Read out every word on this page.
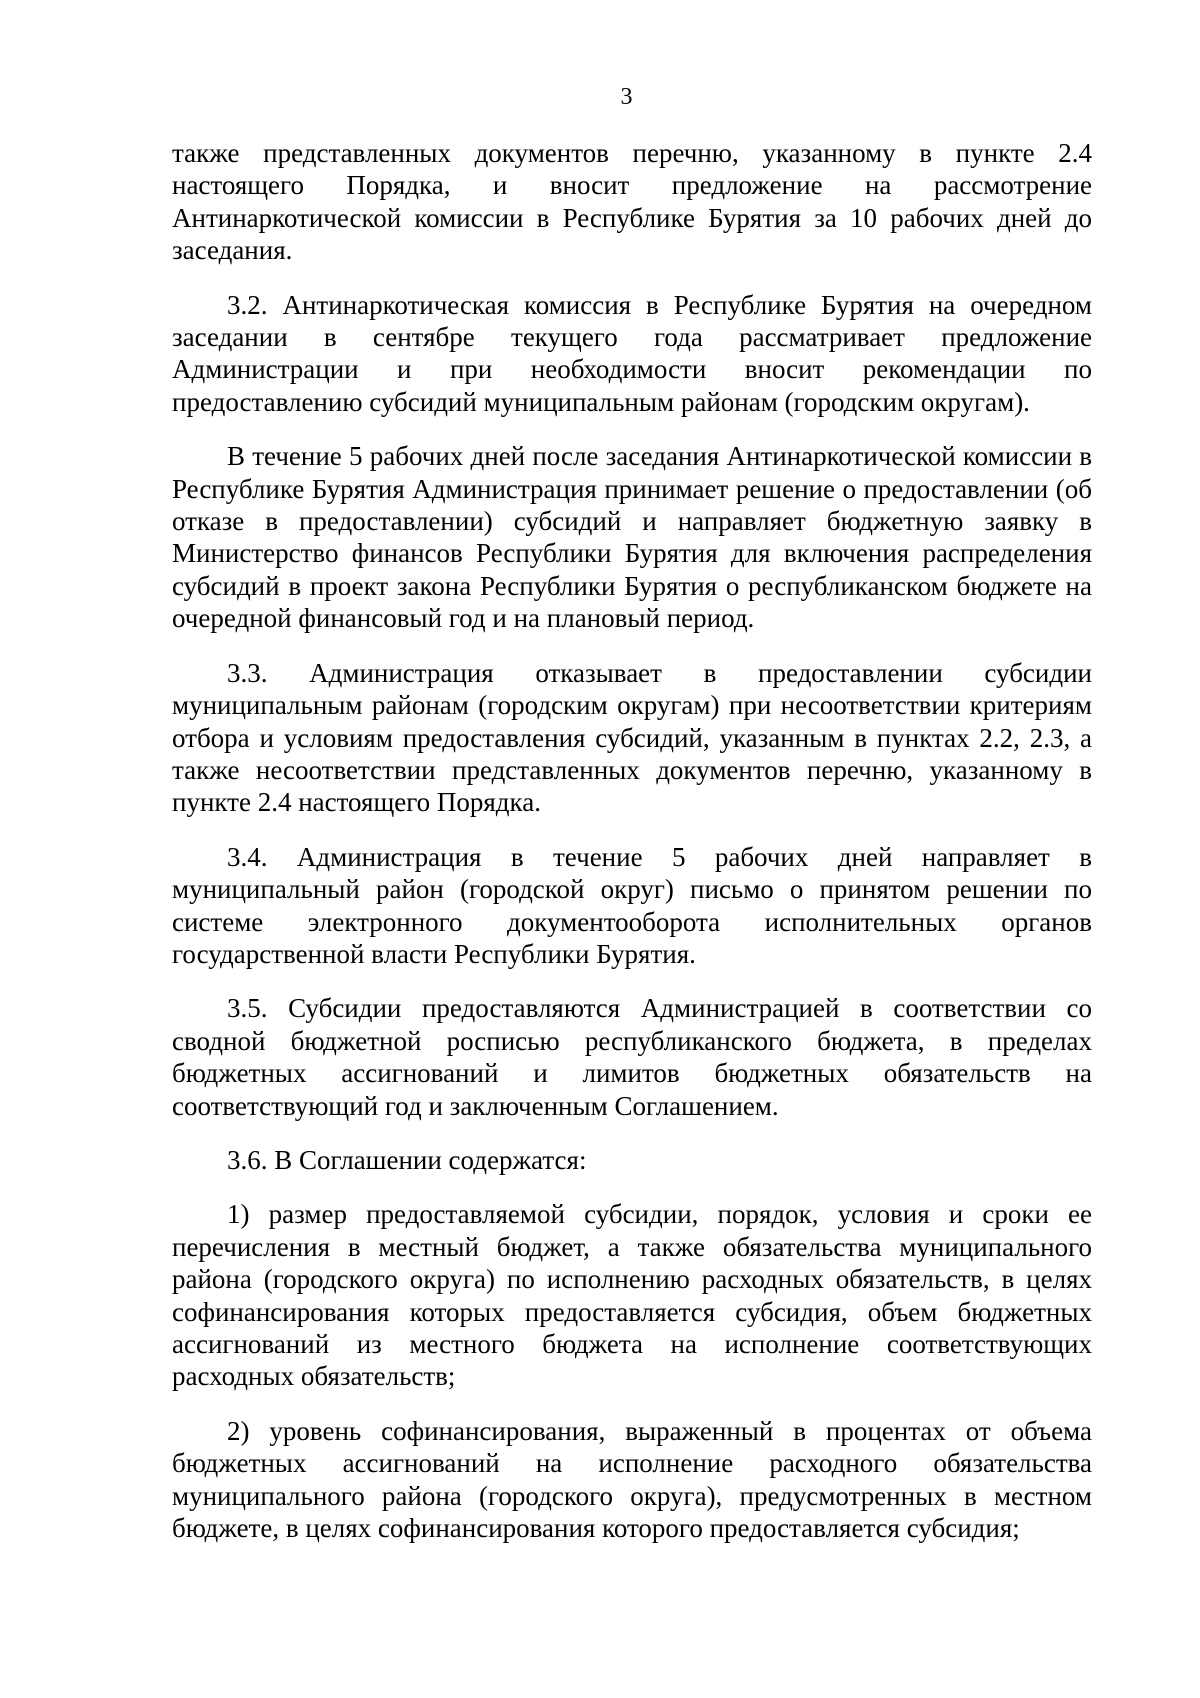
3

также представленных документов перечню, указанному в пункте 2.4 настоящего Порядка, и вносит предложение на рассмотрение Антинаркотической комиссии в Республике Бурятия за 10 рабочих дней до заседания.

3.2. Антинаркотическая комиссия в Республике Бурятия на очередном заседании в сентябре текущего года рассматривает предложение Администрации и при необходимости вносит рекомендации по предоставлению субсидий муниципальным районам (городским округам).

В течение 5 рабочих дней после заседания Антинаркотической комиссии в Республике Бурятия Администрация принимает решение о предоставлении (об отказе в предоставлении) субсидий и направляет бюджетную заявку в Министерство финансов Республики Бурятия для включения распределения субсидий в проект закона Республики Бурятия о республиканском бюджете на очередной финансовый год и на плановый период.

3.3. Администрация отказывает в предоставлении субсидии муниципальным районам (городским округам) при несоответствии критериям отбора и условиям предоставления субсидий, указанным в пунктах 2.2, 2.3, а также несоответствии представленных документов перечню, указанному в пункте 2.4 настоящего Порядка.

3.4. Администрация в течение 5 рабочих дней направляет в муниципальный район (городской округ) письмо о принятом решении по системе электронного документооборота исполнительных органов государственной власти Республики Бурятия.

3.5. Субсидии предоставляются Администрацией в соответствии со сводной бюджетной росписью республиканского бюджета, в пределах бюджетных ассигнований и лимитов бюджетных обязательств на соответствующий год и заключенным Соглашением.

3.6. В Соглашении содержатся:

1) размер предоставляемой субсидии, порядок, условия и сроки ее перечисления в местный бюджет, а также обязательства муниципального района (городского округа) по исполнению расходных обязательств, в целях софинансирования которых предоставляется субсидия, объем бюджетных ассигнований из местного бюджета на исполнение соответствующих расходных обязательств;

2) уровень софинансирования, выраженный в процентах от объема бюджетных ассигнований на исполнение расходного обязательства муниципального района (городского округа), предусмотренных в местном бюджете, в целях софинансирования которого предоставляется субсидия;
